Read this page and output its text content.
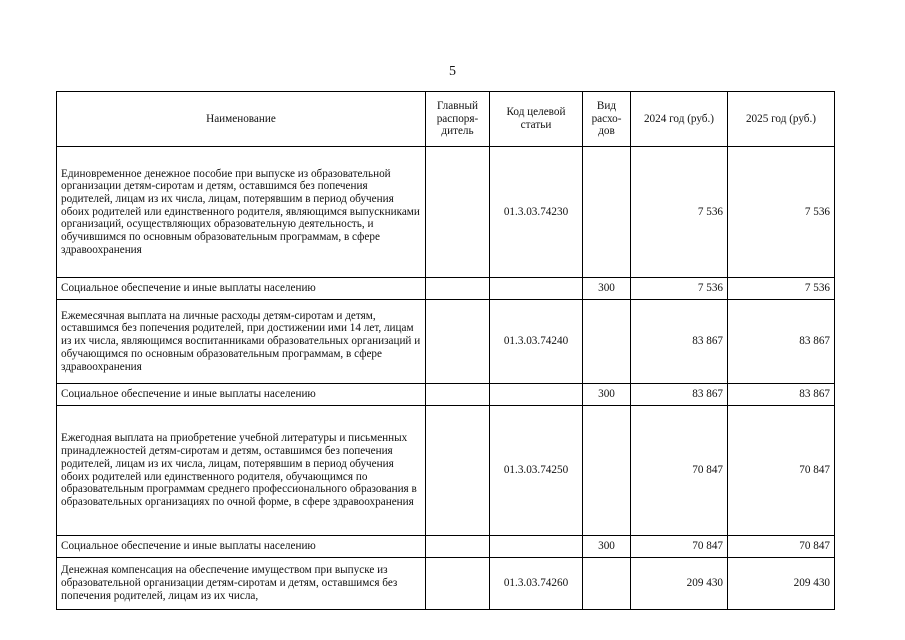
5
Наименование	Главный распоря-дитель	Код целевой статьи	Вид расхо-дов	2024 год (руб.)	2025 год (руб.)
Единовременное денежное пособие при выпуске из образовательной организации детям-сиротам и детям, оставшимся без попечения родителей, лицам из их числа, лицам, потерявшим в период обучения обоих родителей или единственного родителя, являющимся выпускниками организаций, осуществляющих образовательную деятельность, и обучившимся по основным образовательным программам, в сфере здравоохранения		01.3.03.74230		7 536	7 536
Социальное обеспечение и иные выплаты населению			300	7 536	7 536
Ежемесячная выплата на личные расходы детям-сиротам и детям, оставшимся без попечения родителей, при достижении ими 14 лет, лицам из их числа, являющимся воспитанниками образовательных организаций и обучающимся по основным образовательным программам, в сфере здравоохранения		01.3.03.74240		83 867	83 867
Социальное обеспечение и иные выплаты населению			300	83 867	83 867
Ежегодная выплата на приобретение учебной литературы и письменных принадлежностей детям-сиротам и детям, оставшимся без попечения родителей, лицам из их числа, лицам, потерявшим в период обучения обоих родителей или единственного родителя, обучающимся по образовательным программам среднего профессионального образования в образовательных организациях по очной форме, в сфере здравоохранения		01.3.03.74250		70 847	70 847
Социальное обеспечение и иные выплаты населению			300	70 847	70 847
Денежная компенсация на обеспечение имуществом при выпуске из образовательной организации детям-сиротам и детям, оставшимся без попечения родителей, лицам из их числа,		01.3.03.74260		209 430	209 430
